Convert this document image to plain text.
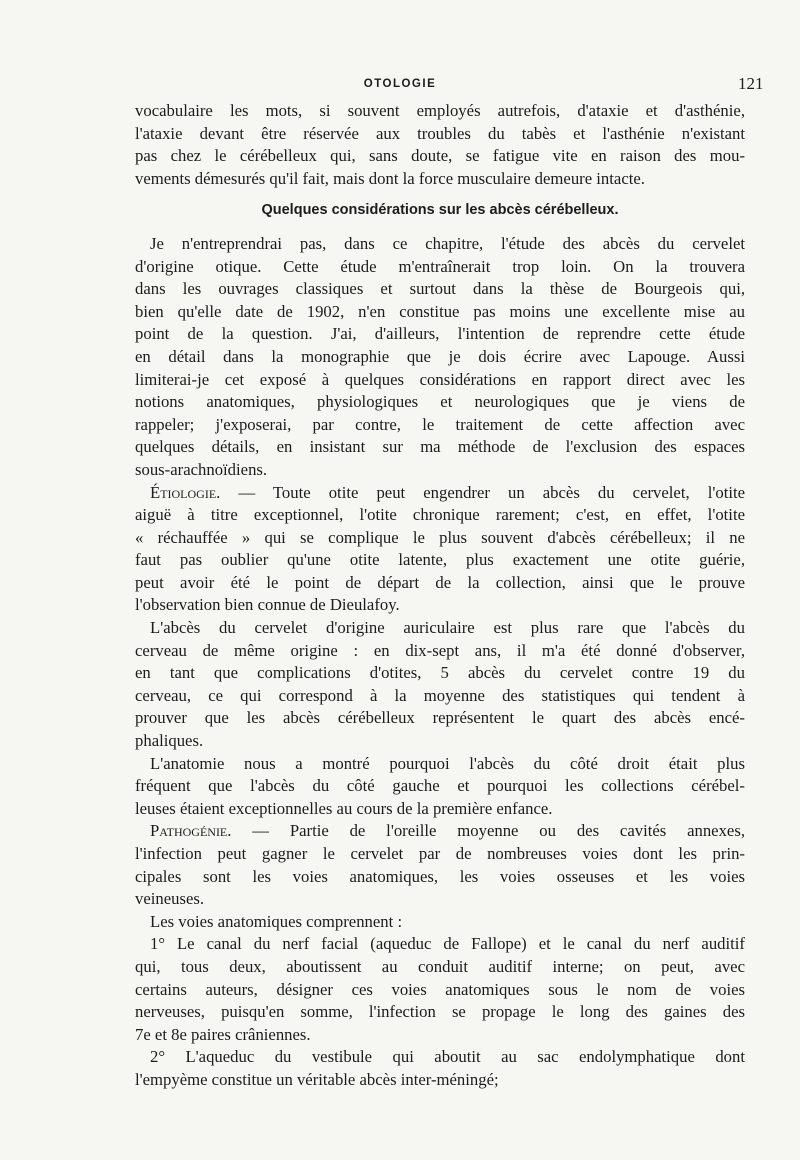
OTOLOGIE	121
vocabulaire les mots, si souvent employés autrefois, d'ataxie et d'asthénie,
l'ataxie devant être réservée aux troubles du tabès et l'asthénie n'existant
pas chez le cérébelleux qui, sans doute, se fatigue vite en raison des mou-
vements démesurés qu'il fait, mais dont la force musculaire demeure intacte.
Quelques considérations sur les abcès cérébelleux.
Je n'entreprendrai pas, dans ce chapitre, l'étude des abcès du cervelet
d'origine otique. Cette étude m'entraînerait trop loin. On la trouvera
dans les ouvrages classiques et surtout dans la thèse de Bourgeois qui,
bien qu'elle date de 1902, n'en constitue pas moins une excellente mise au
point de la question. J'ai, d'ailleurs, l'intention de reprendre cette étude
en détail dans la monographie que je dois écrire avec Lapouge. Aussi
limiterai-je cet exposé à quelques considérations en rapport direct avec les
notions anatomiques, physiologiques et neurologiques que je viens de
rappeler; j'exposerai, par contre, le traitement de cette affection avec
quelques détails, en insistant sur ma méthode de l'exclusion des espaces
sous-arachnoïdiens.
Étiologie. — Toute otite peut engendrer un abcès du cervelet, l'otite
aiguë à titre exceptionnel, l'otite chronique rarement; c'est, en effet, l'otite
« réchauffée » qui se complique le plus souvent d'abcès cérébelleux; il ne
faut pas oublier qu'une otite latente, plus exactement une otite guérie,
peut avoir été le point de départ de la collection, ainsi que le prouve
l'observation bien connue de Dieulafoy.
L'abcès du cervelet d'origine auriculaire est plus rare que l'abcès du
cerveau de même origine : en dix-sept ans, il m'a été donné d'observer,
en tant que complications d'otites, 5 abcès du cervelet contre 19 du
cerveau, ce qui correspond à la moyenne des statistiques qui tendent à
prouver que les abcès cérébelleux représentent le quart des abcès encé-
phaliques.
L'anatomie nous a montré pourquoi l'abcès du côté droit était plus
fréquent que l'abcès du côté gauche et pourquoi les collections cérébel-
leuses étaient exceptionnelles au cours de la première enfance.
Pathogénie. — Partie de l'oreille moyenne ou des cavités annexes,
l'infection peut gagner le cervelet par de nombreuses voies dont les prin-
cipales sont les voies anatomiques, les voies osseuses et les voies
veineuses.
Les voies anatomiques comprennent :
1° Le canal du nerf facial (aqueduc de Fallope) et le canal du nerf auditif
qui, tous deux, aboutissent au conduit auditif interne; on peut, avec
certains auteurs, désigner ces voies anatomiques sous le nom de voies
nerveuses, puisqu'en somme, l'infection se propage le long des gaines des
7e et 8e paires crâniennes.
2° L'aqueduc du vestibule qui aboutit au sac endolymphatique dont
l'empyème constitue un véritable abcès inter-méningé;
